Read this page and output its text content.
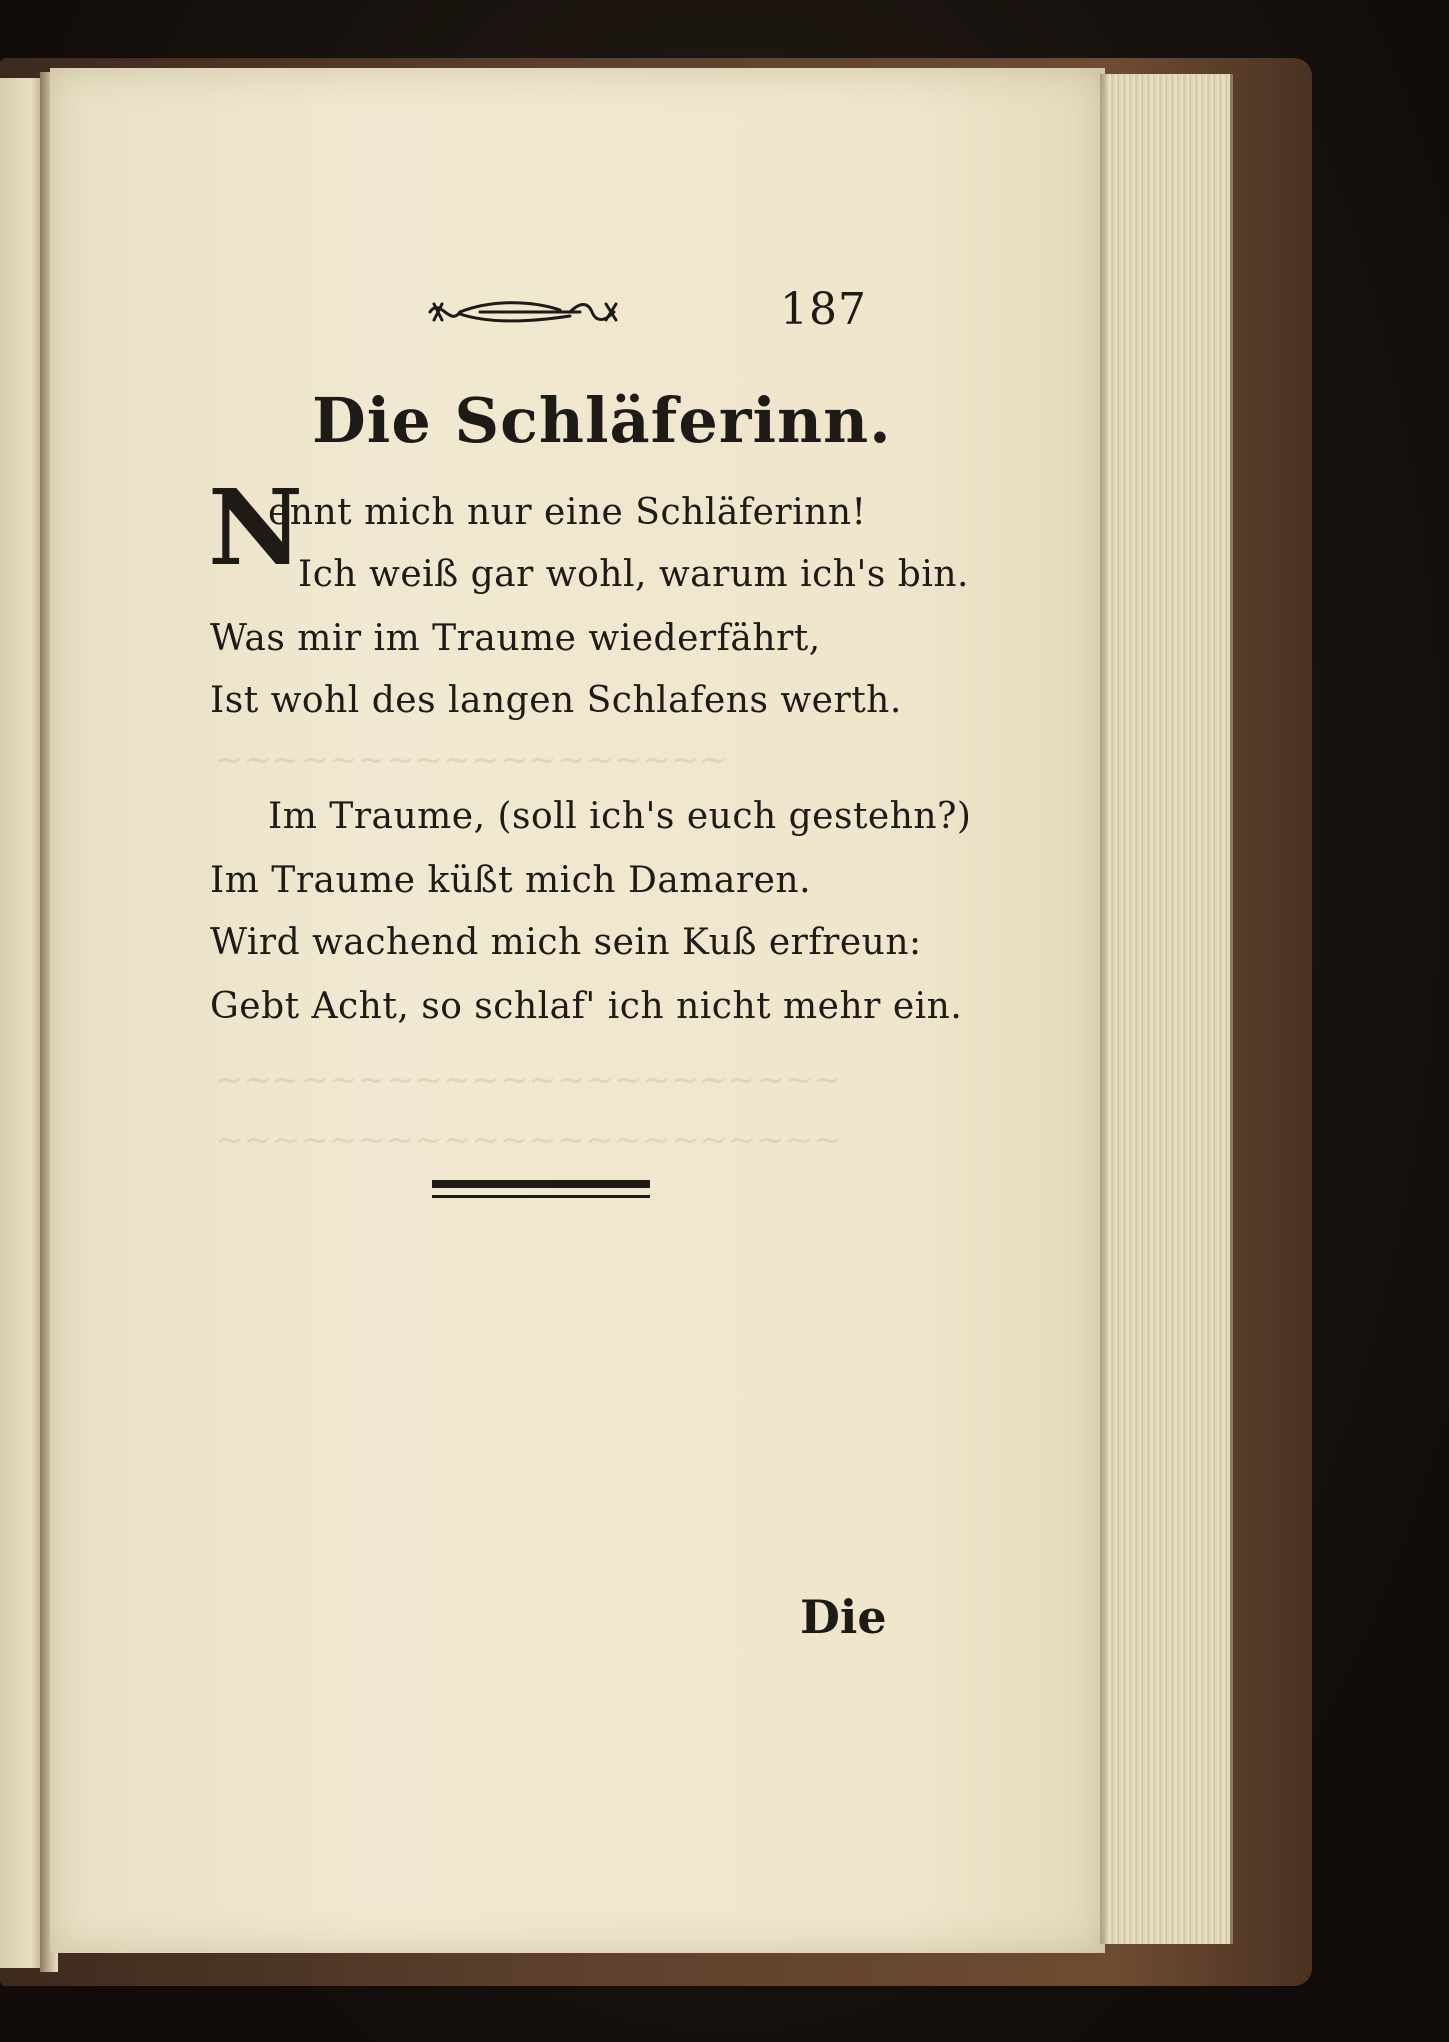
~~~~~~~~~~~~~~~~~~
~~~~~~~~~~~~~~~~~~~~~~
~~~~~~~~~~~~~~~~~~~~~~
187
Die Schläferinn.
N
ennt mich nur eine Schläferinn!
Ich weiß gar wohl, warum ich's bin.
Was mir im Traume wiederfährt,
Ist wohl des langen Schlafens werth.
Im Traume, (soll ich's euch gestehn?)
Im Traume küßt mich Damaren.
Wird wachend mich sein Kuß erfreun:
Gebt Acht, so schlaf' ich nicht mehr ein.
Die
